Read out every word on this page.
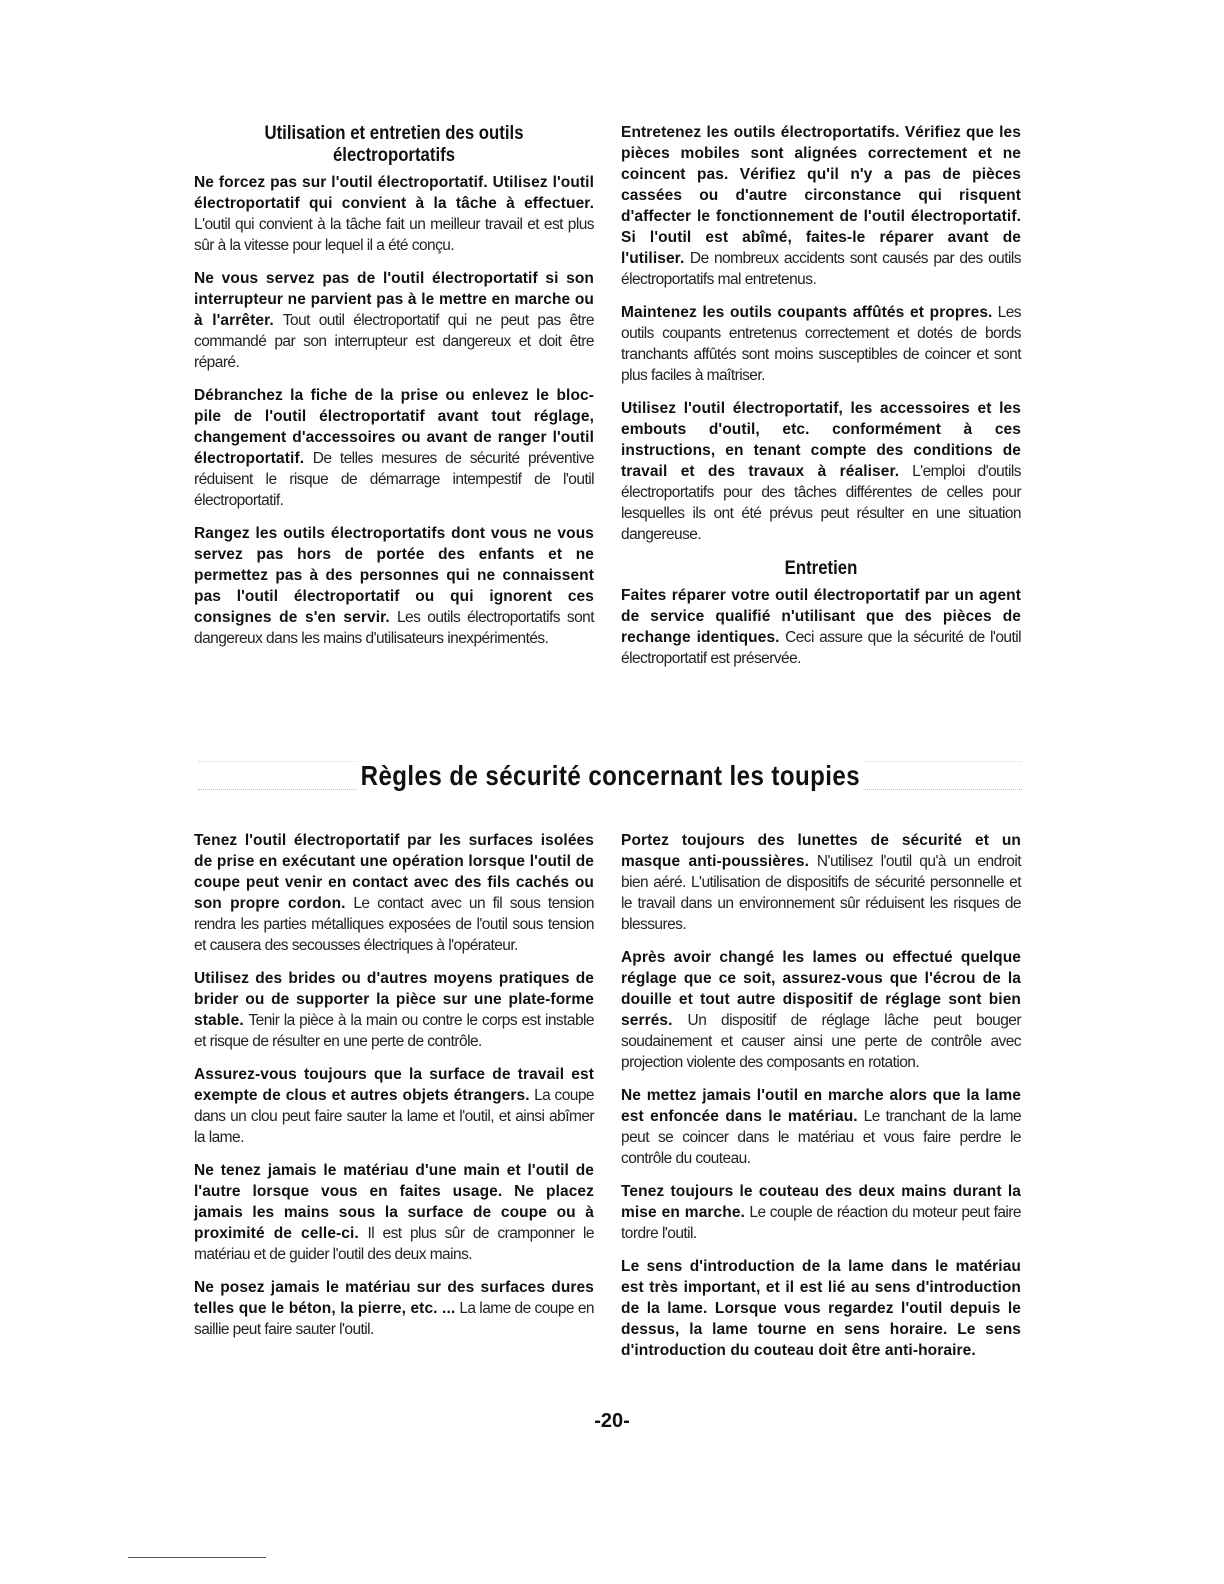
Utilisation et entretien des outils électroportatifs

Ne forcez pas sur l'outil électroportatif. Utilisez l'outil électroportatif qui convient à la tâche à effectuer. L'outil qui convient à la tâche fait un meilleur travail et est plus sûr à la vitesse pour lequel il a été conçu.

Ne vous servez pas de l'outil électroportatif si son interrupteur ne parvient pas à le mettre en marche ou à l'arrêter. Tout outil électroportatif qui ne peut pas être commandé par son interrupteur est dangereux et doit être réparé.

Débranchez la fiche de la prise ou enlevez le bloc-pile de l'outil électroportatif avant tout réglage, changement d'accessoires ou avant de ranger l'outil électroportatif. De telles mesures de sécurité préventive réduisent le risque de démarrage intempestif de l'outil électroportatif.

Rangez les outils électroportatifs dont vous ne vous servez pas hors de portée des enfants et ne permettez pas à des personnes qui ne connaissent pas l'outil électroportatif ou qui ignorent ces consignes de s'en servir. Les outils électroportatifs sont dangereux dans les mains d'utilisateurs inexpérimentés.

Entretenez les outils électroportatifs. Vérifiez que les pièces mobiles sont alignées correctement et ne coincent pas. Vérifiez qu'il n'y a pas de pièces cassées ou d'autre circonstance qui risquent d'affecter le fonctionnement de l'outil électroportatif. Si l'outil est abîmé, faites-le réparer avant de l'utiliser. De nombreux accidents sont causés par des outils électroportatifs mal entretenus.

Maintenez les outils coupants affûtés et propres. Les outils coupants entretenus correctement et dotés de bords tranchants affûtés sont moins susceptibles de coincer et sont plus faciles à maîtriser.

Utilisez l'outil électroportatif, les accessoires et les embouts d'outil, etc. conformément à ces instructions, en tenant compte des conditions de travail et des travaux à réaliser. L'emploi d'outils électroportatifs pour des tâches différentes de celles pour lesquelles ils ont été prévus peut résulter en une situation dangereuse.

Entretien

Faites réparer votre outil électroportatif par un agent de service qualifié n'utilisant que des pièces de rechange identiques. Ceci assure que la sécurité de l'outil électroportatif est préservée.

Règles de sécurité concernant les toupies

Tenez l'outil électroportatif par les surfaces isolées de prise en exécutant une opération lorsque l'outil de coupe peut venir en contact avec des fils cachés ou son propre cordon. Le contact avec un fil sous tension rendra les parties métalliques exposées de l'outil sous tension et causera des secousses électriques à l'opérateur.

Utilisez des brides ou d'autres moyens pratiques de brider ou de supporter la pièce sur une plate-forme stable. Tenir la pièce à la main ou contre le corps est instable et risque de résulter en une perte de contrôle.

Assurez-vous toujours que la surface de travail est exempte de clous et autres objets étrangers. La coupe dans un clou peut faire sauter la lame et l'outil, et ainsi abîmer la lame.

Ne tenez jamais le matériau d'une main et l'outil de l'autre lorsque vous en faites usage. Ne placez jamais les mains sous la surface de coupe ou à proximité de celle-ci. Il est plus sûr de cramponner le matériau et de guider l'outil des deux mains.

Ne posez jamais le matériau sur des surfaces dures telles que le béton, la pierre, etc. ... La lame de coupe en saillie peut faire sauter l'outil.

Portez toujours des lunettes de sécurité et un masque anti-poussières. N'utilisez l'outil qu'à un endroit bien aéré. L'utilisation de dispositifs de sécurité personnelle et le travail dans un environnement sûr réduisent les risques de blessures.

Après avoir changé les lames ou effectué quelque réglage que ce soit, assurez-vous que l'écrou de la douille et tout autre dispositif de réglage sont bien serrés. Un dispositif de réglage lâche peut bouger soudainement et causer ainsi une perte de contrôle avec projection violente des composants en rotation.

Ne mettez jamais l'outil en marche alors que la lame est enfoncée dans le matériau. Le tranchant de la lame peut se coincer dans le matériau et vous faire perdre le contrôle du couteau.

Tenez toujours le couteau des deux mains durant la mise en marche. Le couple de réaction du moteur peut faire tordre l'outil.

Le sens d'introduction de la lame dans le matériau est très important, et il est lié au sens d'introduction de la lame. Lorsque vous regardez l'outil depuis le dessus, la lame tourne en sens horaire. Le sens d'introduction du couteau doit être anti-horaire.

-20-
